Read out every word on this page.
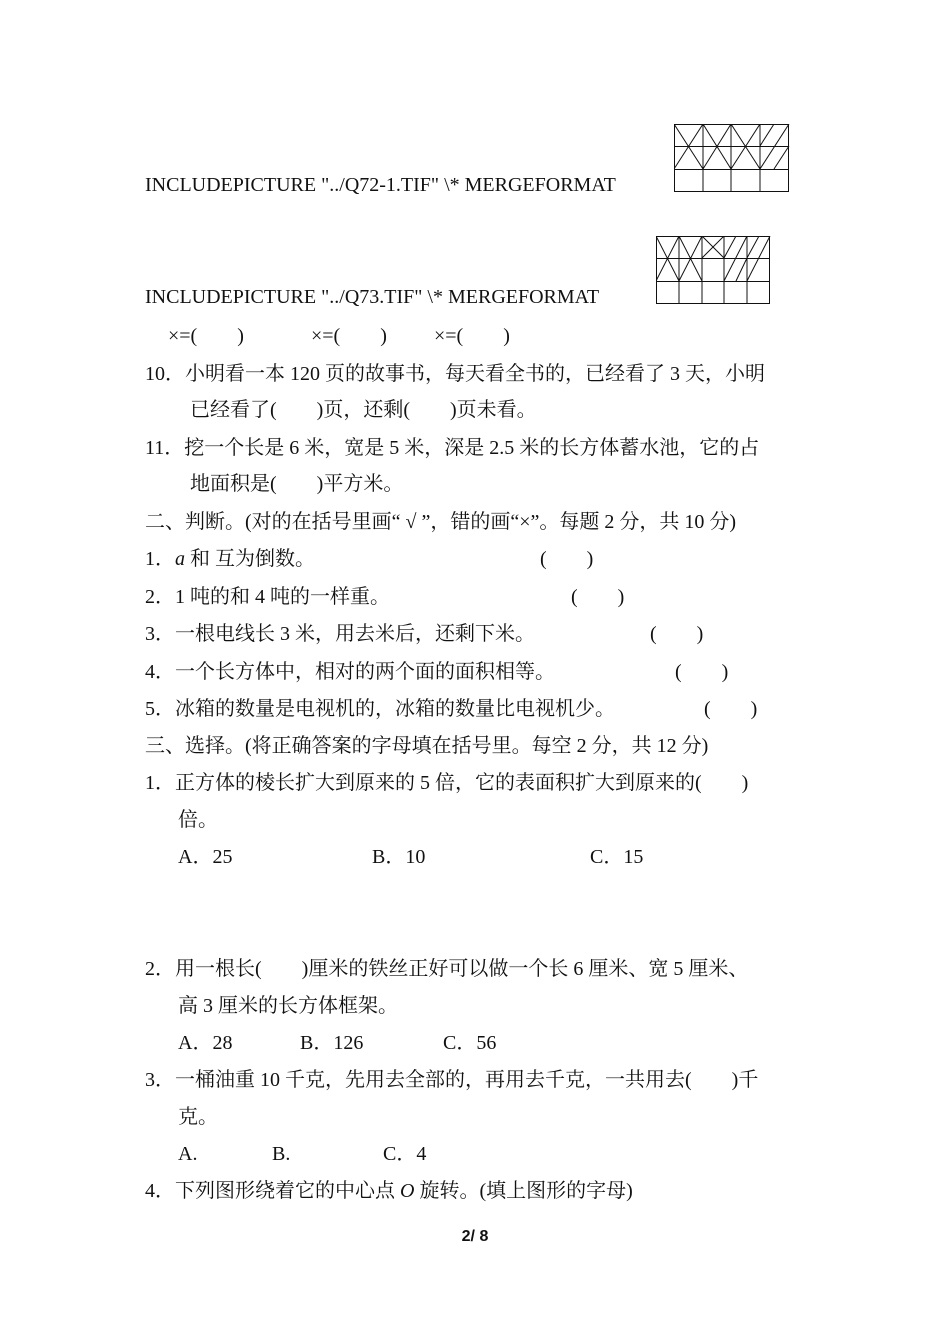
INCLUDEPICTURE "../Q72-1.TIF" \* MERGEFORMAT
INCLUDEPICTURE "../Q73.TIF" \* MERGEFORMAT
×=(        )	×=(        ) ×=(        )
10．小明看一本 120 页的故事书，每天看全书的，已经看了 3 天，小明
已经看了(        )页，还剩(        )页未看。
11．挖一个长是 6 米，宽是 5 米，深是 2.5 米的长方体蓄水池，它的占
地面积是(        )平方米。
二、判断。(对的在括号里画“ √ ”，错的画“×”。每题 2 分，共 10 分)
1．a 和 互为倒数。	(        )
2．1 吨的和 4 吨的一样重。	(        )
3．一根电线长 3 米，用去米后，还剩下米。	(        )
4．一个长方体中，相对的两个面的面积相等。	(        )
5．冰箱的数量是电视机的，冰箱的数量比电视机少。	(        )
三、选择。(将正确答案的字母填在括号里。每空 2 分，共 12 分)
1．正方体的棱长扩大到原来的 5 倍，它的表面积扩大到原来的(        )
倍。
A．25	B．10	C．15
2．用一根长(        )厘米的铁丝正好可以做一个长 6 厘米、宽 5 厘米、
高 3 厘米的长方体框架。
A．28	B．126	C．56
3．一桶油重 10 千克，先用去全部的，再用去千克，一共用去(        )千
克。
A.	B.	C．4
4．下列图形绕着它的中心点 O 旋转。(填上图形的字母)
2/ 8
